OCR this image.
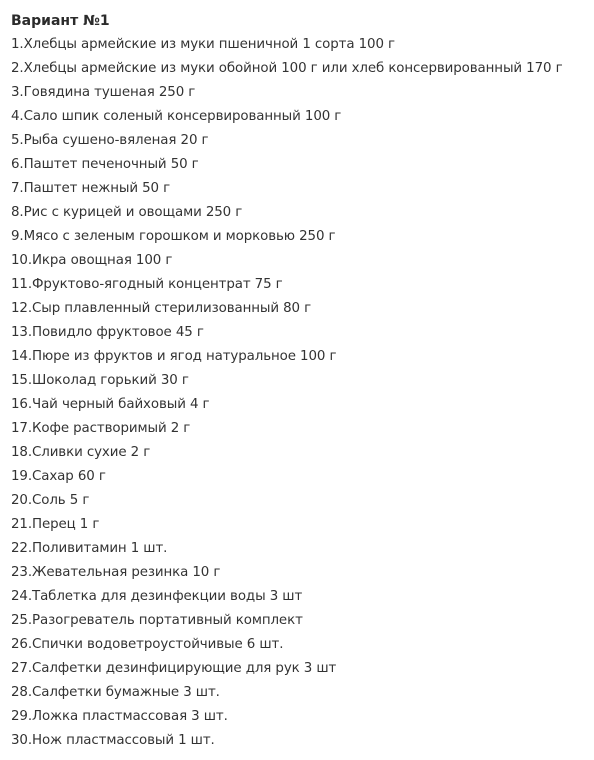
Вариант №1
1.Хлебцы армейские из муки пшеничной 1 сорта 100 г
2.Хлебцы армейские из муки обойной 100 г или хлеб консервированный 170 г
3.Говядина тушеная 250 г
4.Сало шпик соленый консервированный 100 г
5.Рыба сушено-вяленая 20 г
6.Паштет печеночный 50 г
7.Паштет нежный 50 г
8.Рис с курицей и овощами 250 г
9.Мясо с зеленым горошком и морковью 250 г
10.Икра овощная 100 г
11.Фруктово-ягодный концентрат 75 г
12.Сыр плавленный стерилизованный 80 г
13.Повидло фруктовое 45 г
14.Пюре из фруктов и ягод натуральное 100 г
15.Шоколад горький 30 г
16.Чай черный байховый 4 г
17.Кофе растворимый 2 г
18.Сливки сухие 2 г
19.Сахар 60 г
20.Соль 5 г
21.Перец 1 г
22.Поливитамин 1 шт.
23.Жевательная резинка 10 г
24.Таблетка для дезинфекции воды 3 шт
25.Разогреватель портативный комплект
26.Спички водоветроустойчивые 6 шт.
27.Салфетки дезинфицирующие для рук 3 шт
28.Салфетки бумажные 3 шт.
29.Ложка пластмассовая 3 шт.
30.Нож пластмассовый 1 шт.
